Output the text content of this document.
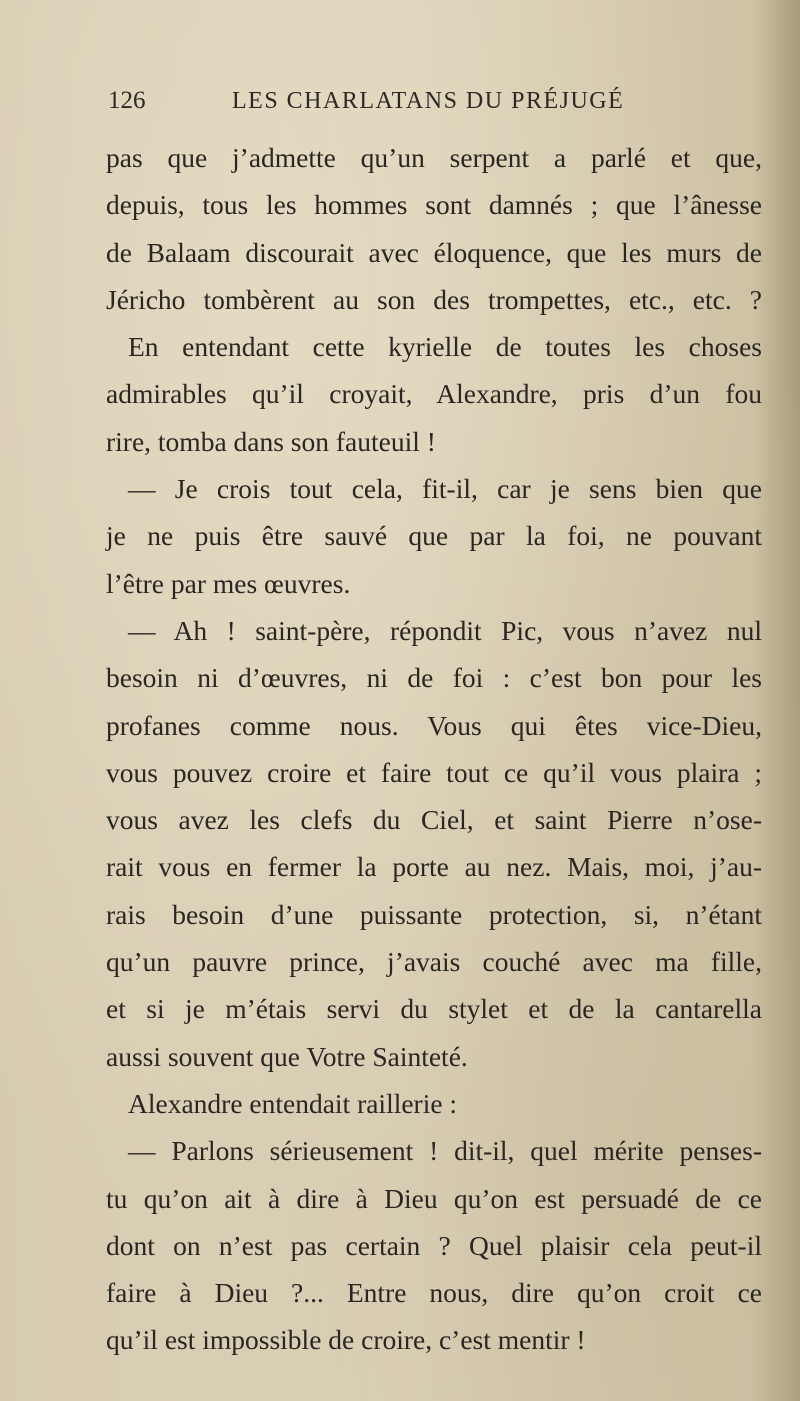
126	LES CHARLATANS DU PRÉJUGÉ
pas que j’admette qu’un serpent a parlé et que,
depuis, tous les hommes sont damnés ; que l’ânesse
de Balaam discourait avec éloquence, que les murs de
Jéricho tombèrent au son des trompettes, etc., etc. ?
En entendant cette kyrielle de toutes les choses
admirables qu’il croyait, Alexandre, pris d’un fou
rire, tomba dans son fauteuil !
— Je crois tout cela, fit-il, car je sens bien que
je ne puis être sauvé que par la foi, ne pouvant
l’être par mes œuvres.
— Ah ! saint-père, répondit Pic, vous n’avez nul
besoin ni d’œuvres, ni de foi : c’est bon pour les
profanes comme nous. Vous qui êtes vice-Dieu,
vous pouvez croire et faire tout ce qu’il vous plaira ;
vous avez les clefs du Ciel, et saint Pierre n’ose-
rait vous en fermer la porte au nez. Mais, moi, j’au-
rais besoin d’une puissante protection, si, n’étant
qu’un pauvre prince, j’avais couché avec ma fille,
et si je m’étais servi du stylet et de la cantarella
aussi souvent que Votre Sainteté.
Alexandre entendait raillerie :
— Parlons sérieusement ! dit-il, quel mérite penses-
tu qu’on ait à dire à Dieu qu’on est persuadé de ce
dont on n’est pas certain ? Quel plaisir cela peut-il
faire à Dieu ?... Entre nous, dire qu’on croit ce
qu’il est impossible de croire, c’est mentir !
